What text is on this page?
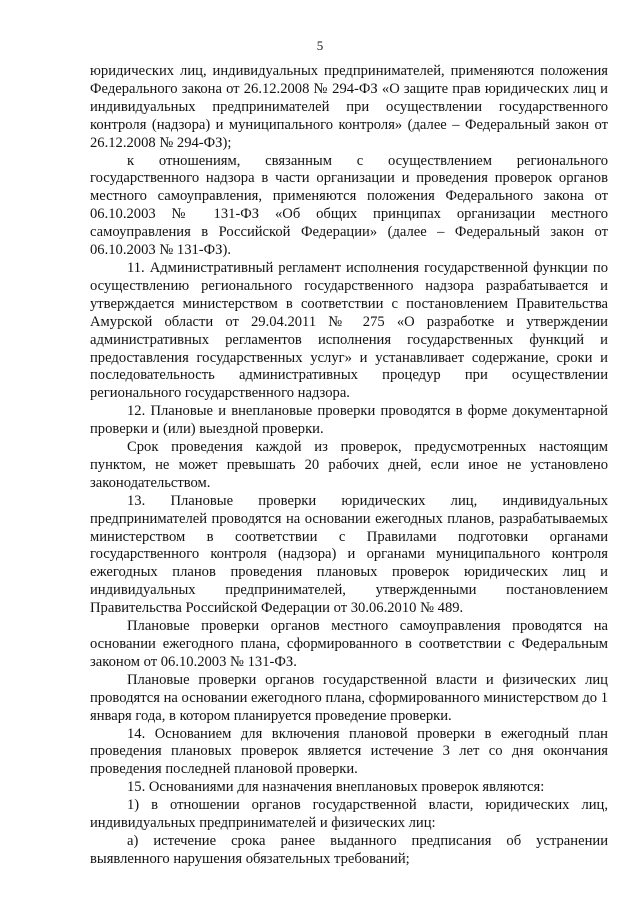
5

юридических лиц, индивидуальных предпринимателей, применяются положения Федерального закона от 26.12.2008 № 294-ФЗ «О защите прав юридических лиц и индивидуальных предпринимателей при осуществлении государственного контроля (надзора) и муниципального контроля» (далее – Федеральный закон от 26.12.2008 № 294-ФЗ);

к отношениям, связанным с осуществлением регионального государственного надзора в части организации и проведения проверок органов местного самоуправления, применяются положения Федерального закона от 06.10.2003 № 131-ФЗ «Об общих принципах организации местного самоуправления в Российской Федерации» (далее – Федеральный закон от 06.10.2003 № 131-ФЗ).

11. Административный регламент исполнения государственной функции по осуществлению регионального государственного надзора разрабатывается и утверждается министерством в соответствии с постановлением Правительства Амурской области от 29.04.2011 № 275 «О разработке и утверждении административных регламентов исполнения государственных функций и предоставления государственных услуг» и устанавливает содержание, сроки и последовательность административных процедур при осуществлении регионального государственного надзора.

12. Плановые и внеплановые проверки проводятся в форме документарной проверки и (или) выездной проверки.

Срок проведения каждой из проверок, предусмотренных настоящим пунктом, не может превышать 20 рабочих дней, если иное не установлено законодательством.

13. Плановые проверки юридических лиц, индивидуальных предпринимателей проводятся на основании ежегодных планов, разрабатываемых министерством в соответствии с Правилами подготовки органами государственного контроля (надзора) и органами муниципального контроля ежегодных планов проведения плановых проверок юридических лиц и индивидуальных предпринимателей, утвержденными постановлением Правительства Российской Федерации от 30.06.2010 № 489.

Плановые проверки органов местного самоуправления проводятся на основании ежегодного плана, сформированного в соответствии с Федеральным законом от 06.10.2003 № 131-ФЗ.

Плановые проверки органов государственной власти и физических лиц проводятся на основании ежегодного плана, сформированного министерством до 1 января года, в котором планируется проведение проверки.

14. Основанием для включения плановой проверки в ежегодный план проведения плановых проверок является истечение 3 лет со дня окончания проведения последней плановой проверки.

15. Основаниями для назначения внеплановых проверок являются:

1) в отношении органов государственной власти, юридических лиц, индивидуальных предпринимателей и физических лиц:

а) истечение срока ранее выданного предписания об устранении выявленного нарушения обязательных требований;
